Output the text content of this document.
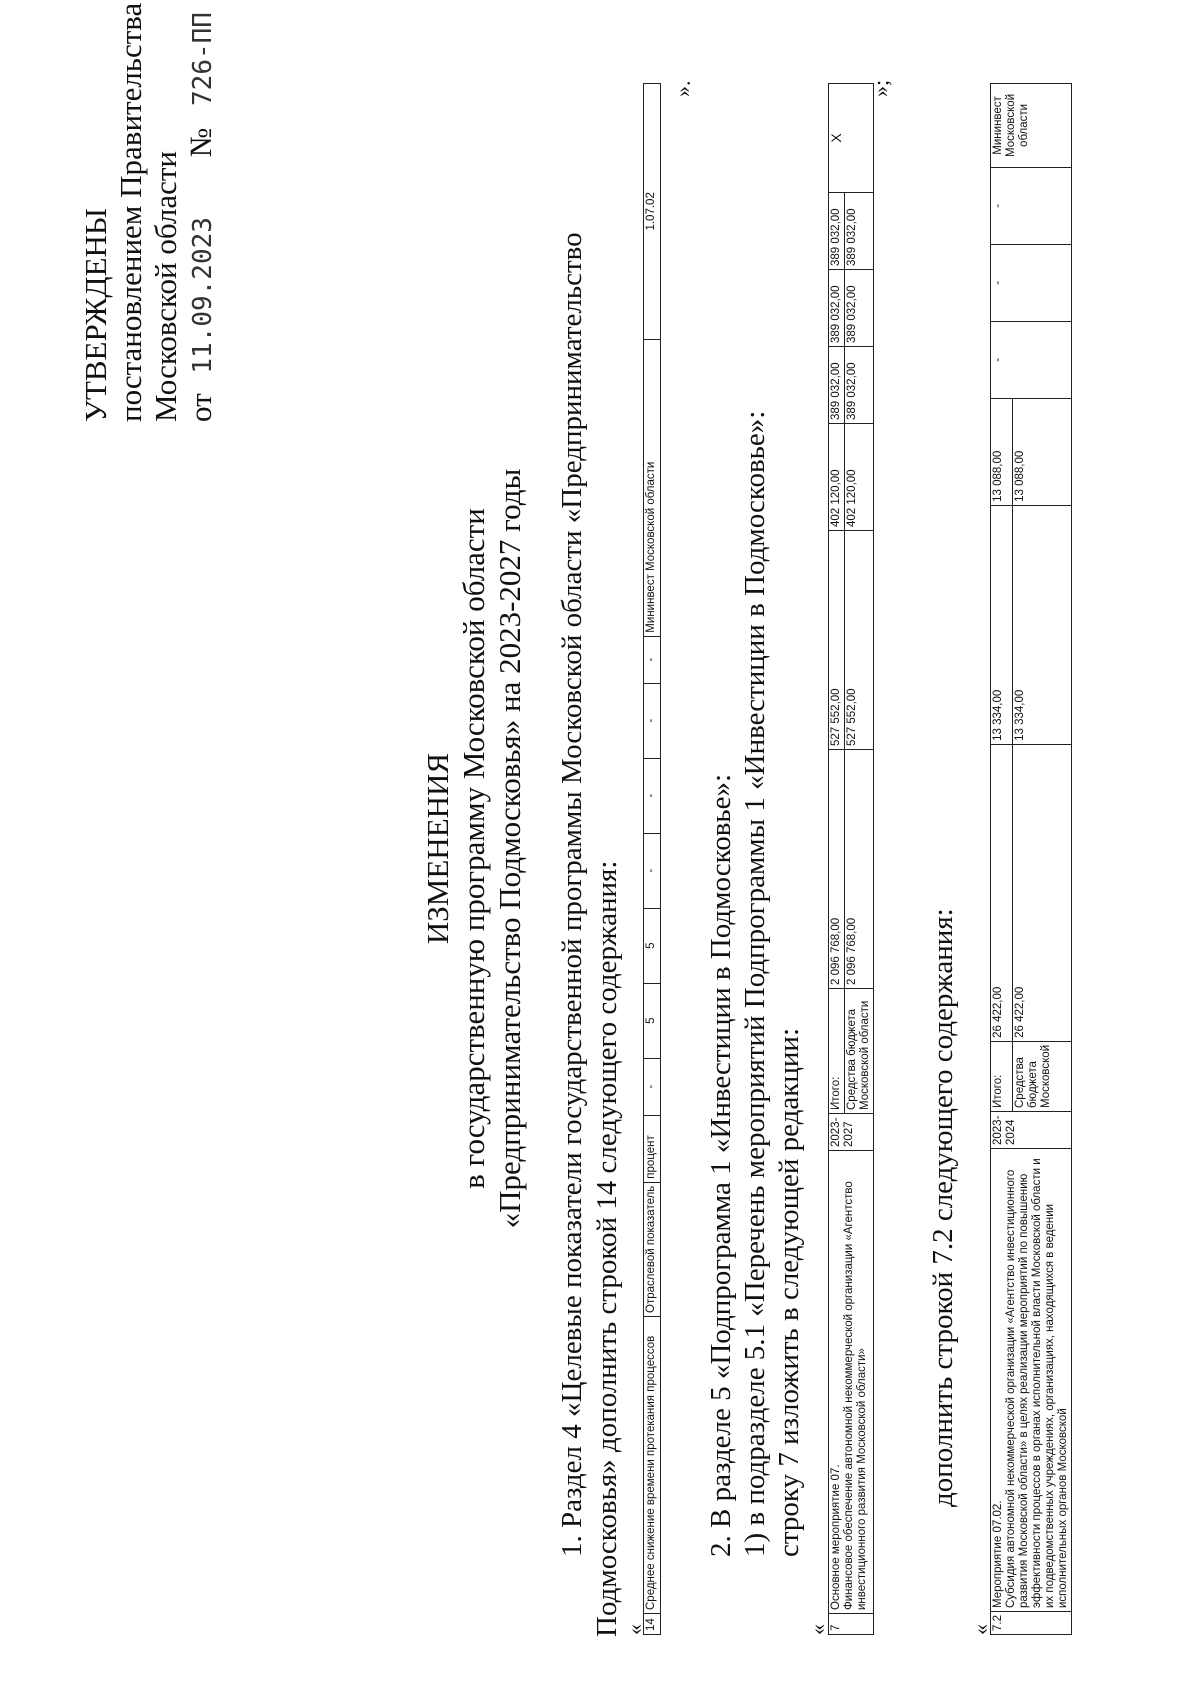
УТВЕРЖДЕНЫ постановлением Правительства Московской области от 11.09.2023 № 726-ПП
ИЗМЕНЕНИЯ в государственную программу Московской области «Предпринимательство Подмосковья» на 2023-2027 годы 1. Раздел 4 «Целевые показатели государственной программы Московской области «Предпринимательство Подмосковья» дополнить строкой 14 следующего содержания: «
14	Среднее снижение времени протекания процессов	Отраслевой показатель	процент	-	5	5	-	-	-	-	Мининвест Московской области	1.07.02
».
2. В разделе 5 «Подпрограмма 1 «Инвестиции в Подмосковье»: 1) в подразделе 5.1 «Перечень мероприятий Подпрограммы 1 «Инвестиции в Подмосковье»: строку 7 изложить в следующей редакции:
« 7	Основное мероприятие 07. Финансовое обеспечение автономной некоммерческой организации «Агентство инвестиционного развития Московской области»	2023-2027	Итого:	2 096 768,00	527 552,00	402 120,00	389 032,00	389 032,00	389 032,00	X
			Средства бюджета Московской области	2 096 768,00	527 552,00	402 120,00	389 032,00	389 032,00	389 032,00	
»;
дополнить строкой 7.2 следующего содержания:
« 7.2	Мероприятие 07.02. Субсидия автономной некоммерческой организации «Агентство инвестиционного развития Московской области» в целях реализации мероприятий по повышению эффективности процессов в органах исполнительной власти Московской области и их подведомственных учреждениях, организациях, находящихся в ведении исполнительных органов Московской	2023-2024	Итого:	26 422,00	13 334,00	13 088,00	-	-	-	Мининвест Московской области
			Средства бюджета Московской	26 422,00	13 334,00	13 088,00				
